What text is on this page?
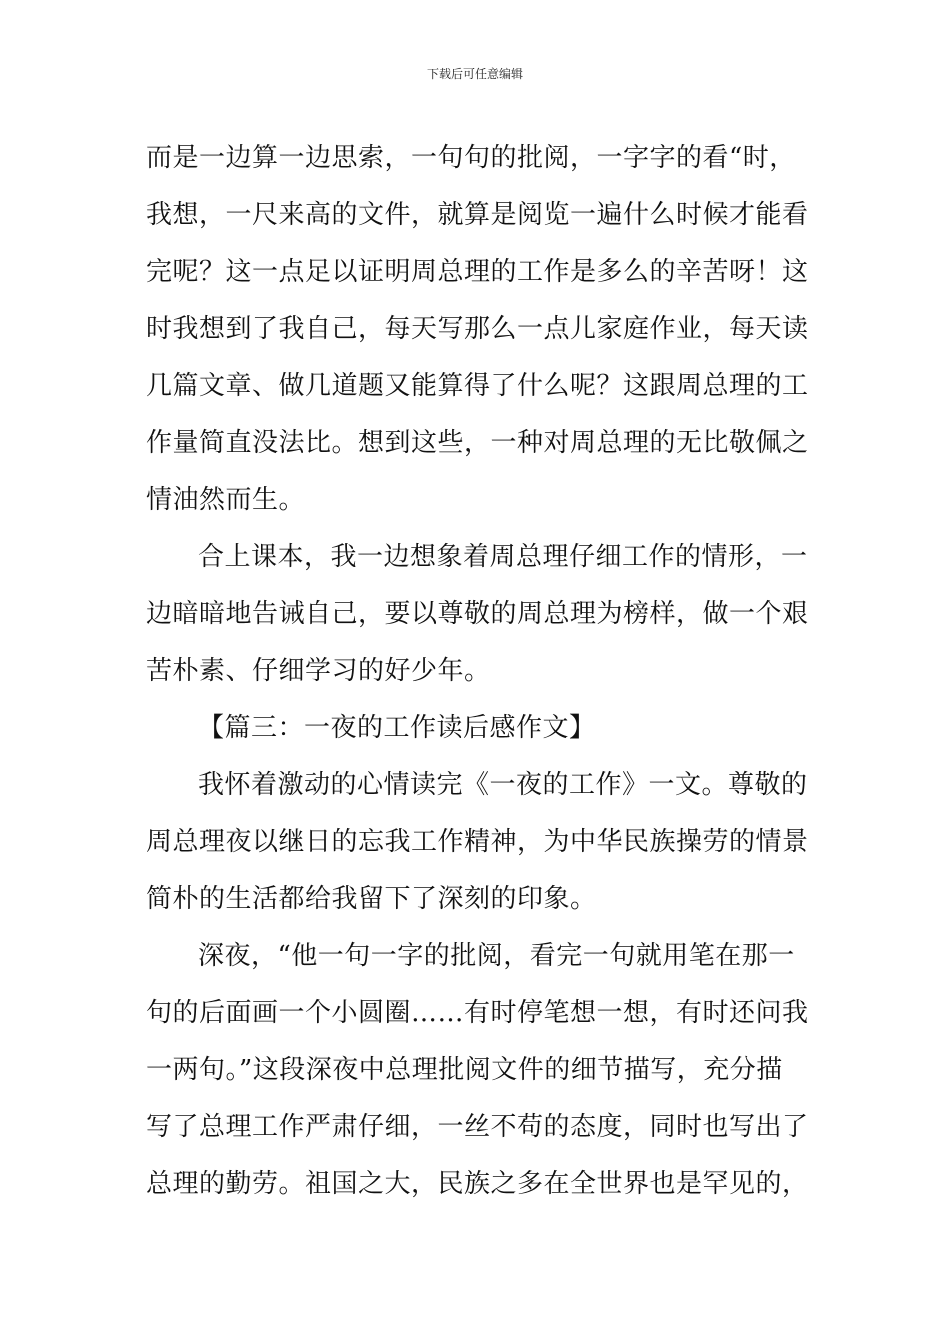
下载后可任意编辑
而是一边算一边思索，一句句的批阅，一字字的看“时，
我想，一尺来高的文件，就算是阅览一遍什么时候才能看
完呢？这一点足以证明周总理的工作是多么的辛苦呀！这
时我想到了我自己，每天写那么一点儿家庭作业，每天读
几篇文章、做几道题又能算得了什么呢？这跟周总理的工
作量简直没法比。想到这些，一种对周总理的无比敬佩之
情油然而生。
合上课本，我一边想象着周总理仔细工作的情形，一
边暗暗地告诫自己，要以尊敬的周总理为榜样，做一个艰
苦朴素、仔细学习的好少年。
【篇三：一夜的工作读后感作文】
我怀着激动的心情读完《一夜的工作》一文。尊敬的
周总理夜以继日的忘我工作精神，为中华民族操劳的情景
简朴的生活都给我留下了深刻的印象。
深夜，“他一句一字的批阅，看完一句就用笔在那一
句的后面画一个小圆圈……有时停笔想一想，有时还问我
一两句。”这段深夜中总理批阅文件的细节描写，充分描
写了总理工作严肃仔细，一丝不苟的态度，同时也写出了
总理的勤劳。祖国之大，民族之多在全世界也是罕见的，
